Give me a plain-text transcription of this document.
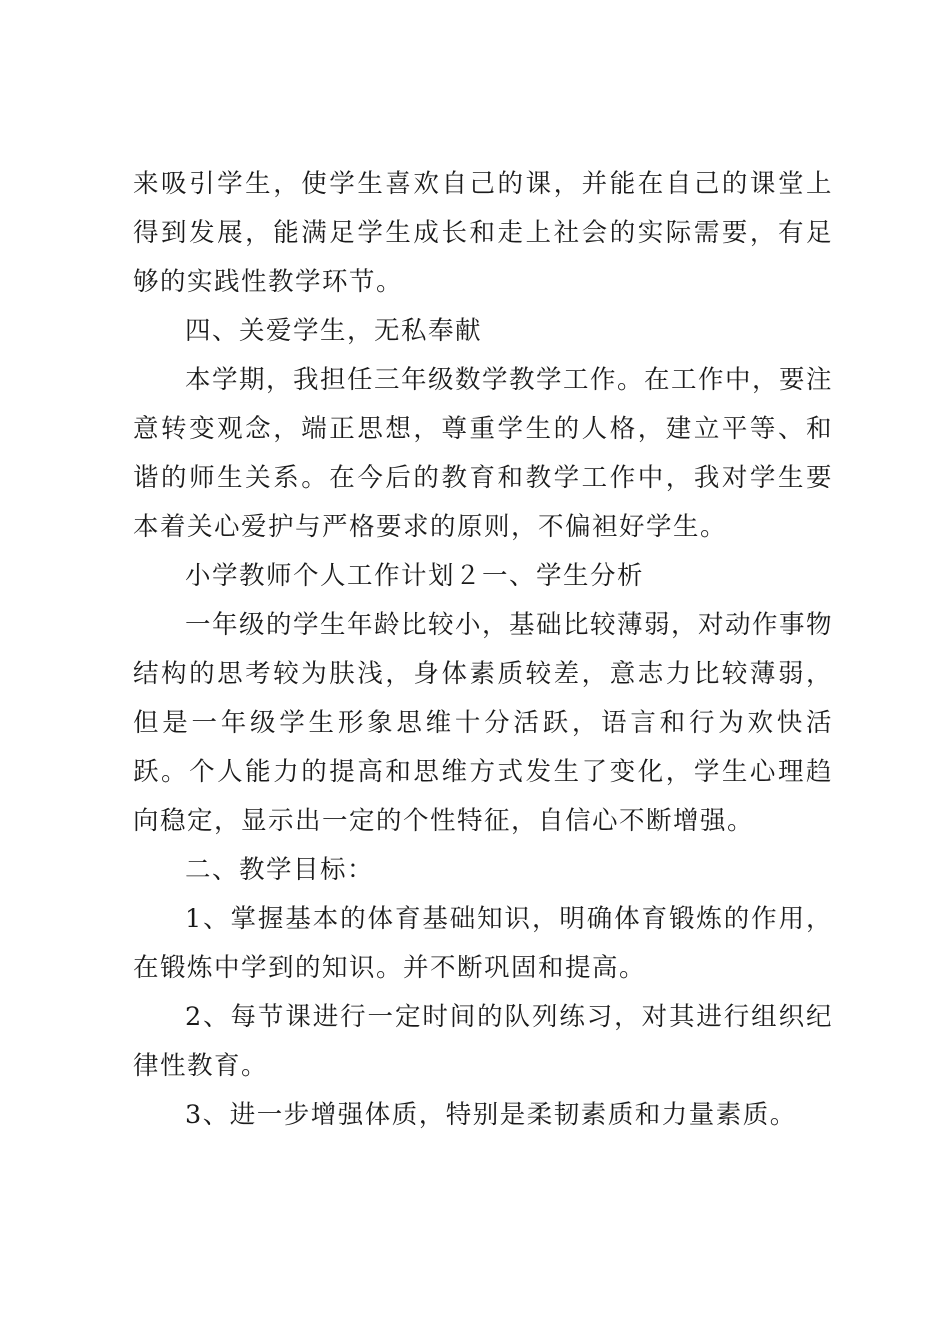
来吸引学生，使学生喜欢自己的课，并能在自己的课堂上得到发展，能满足学生成长和走上社会的实际需要，有足够的实践性教学环节。

四、关爱学生，无私奉献

本学期，我担任三年级数学教学工作。在工作中，要注意转变观念，端正思想，尊重学生的人格，建立平等、和谐的师生关系。在今后的教育和教学工作中，我对学生要本着关心爱护与严格要求的原则，不偏袒好学生。

小学教师个人工作计划２一、学生分析

一年级的学生年龄比较小，基础比较薄弱，对动作事物结构的思考较为肤浅，身体素质较差，意志力比较薄弱，但是一年级学生形象思维十分活跃，语言和行为欢快活跃。个人能力的提高和思维方式发生了变化，学生心理趋向稳定，显示出一定的个性特征，自信心不断增强。

二、教学目标：

1、掌握基本的体育基础知识，明确体育锻炼的作用，在锻炼中学到的知识。并不断巩固和提高。

2、每节课进行一定时间的队列练习，对其进行组织纪律性教育。

3、进一步增强体质，特别是柔韧素质和力量素质。
